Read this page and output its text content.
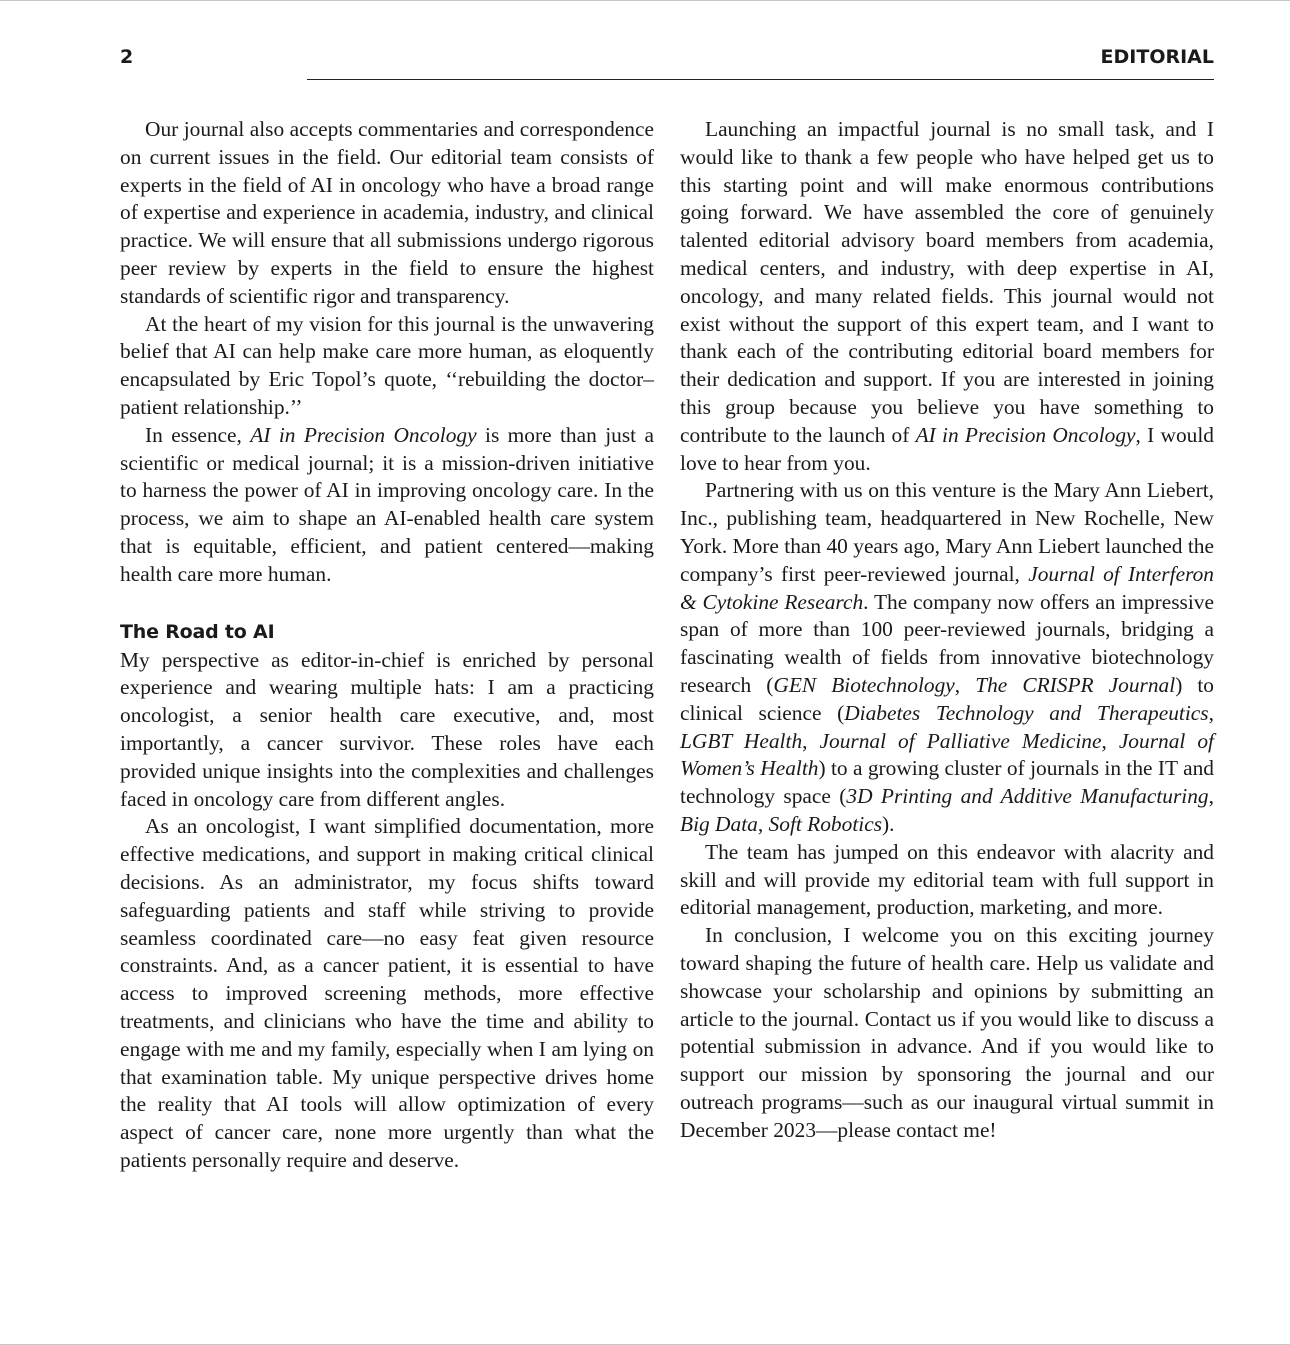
2	EDITORIAL

Our journal also accepts commentaries and correspondence on current issues in the field. Our editorial team consists of experts in the field of AI in oncology who have a broad range of expertise and experience in academia, industry, and clinical practice. We will ensure that all submissions undergo rigorous peer review by experts in the field to ensure the highest standards of scientific rigor and transparency.

At the heart of my vision for this journal is the unwavering belief that AI can help make care more human, as eloquently encapsulated by Eric Topol’s quote, ‘‘rebuilding the doctor–patient relationship.’’

In essence, AI in Precision Oncology is more than just a scientific or medical journal; it is a mission-driven initiative to harness the power of AI in improving oncology care. In the process, we aim to shape an AI-enabled health care system that is equitable, efficient, and patient centered—making health care more human.

The Road to AI

My perspective as editor-in-chief is enriched by personal experience and wearing multiple hats: I am a practicing oncologist, a senior health care executive, and, most importantly, a cancer survivor. These roles have each provided unique insights into the complexities and challenges faced in oncology care from different angles.

As an oncologist, I want simplified documentation, more effective medications, and support in making critical clinical decisions. As an administrator, my focus shifts toward safeguarding patients and staff while striving to provide seamless coordinated care—no easy feat given resource constraints. And, as a cancer patient, it is essential to have access to improved screening methods, more effective treatments, and clinicians who have the time and ability to engage with me and my family, especially when I am lying on that examination table. My unique perspective drives home the reality that AI tools will allow optimization of every aspect of cancer care, none more urgently than what the patients personally require and deserve.

Launching an impactful journal is no small task, and I would like to thank a few people who have helped get us to this starting point and will make enormous contributions going forward. We have assembled the core of genuinely talented editorial advisory board members from academia, medical centers, and industry, with deep expertise in AI, oncology, and many related fields. This journal would not exist without the support of this expert team, and I want to thank each of the contributing editorial board members for their dedication and support. If you are interested in joining this group because you believe you have something to contribute to the launch of AI in Precision Oncology, I would love to hear from you.

Partnering with us on this venture is the Mary Ann Liebert, Inc., publishing team, headquartered in New Rochelle, New York. More than 40 years ago, Mary Ann Liebert launched the company’s first peer-reviewed journal, Journal of Interferon & Cytokine Research. The company now offers an impressive span of more than 100 peer-reviewed journals, bridging a fascinating wealth of fields from innovative biotechnology research (GEN Biotechnology, The CRISPR Journal) to clinical science (Diabetes Technology and Therapeutics, LGBT Health, Journal of Palliative Medicine, Journal of Women’s Health) to a growing cluster of journals in the IT and technology space (3D Printing and Additive Manufacturing, Big Data, Soft Robotics).

The team has jumped on this endeavor with alacrity and skill and will provide my editorial team with full support in editorial management, production, marketing, and more.

In conclusion, I welcome you on this exciting journey toward shaping the future of health care. Help us validate and showcase your scholarship and opinions by submitting an article to the journal. Contact us if you would like to discuss a potential submission in advance. And if you would like to support our mission by sponsoring the journal and our outreach programs—such as our inaugural virtual summit in December 2023—please contact me!
